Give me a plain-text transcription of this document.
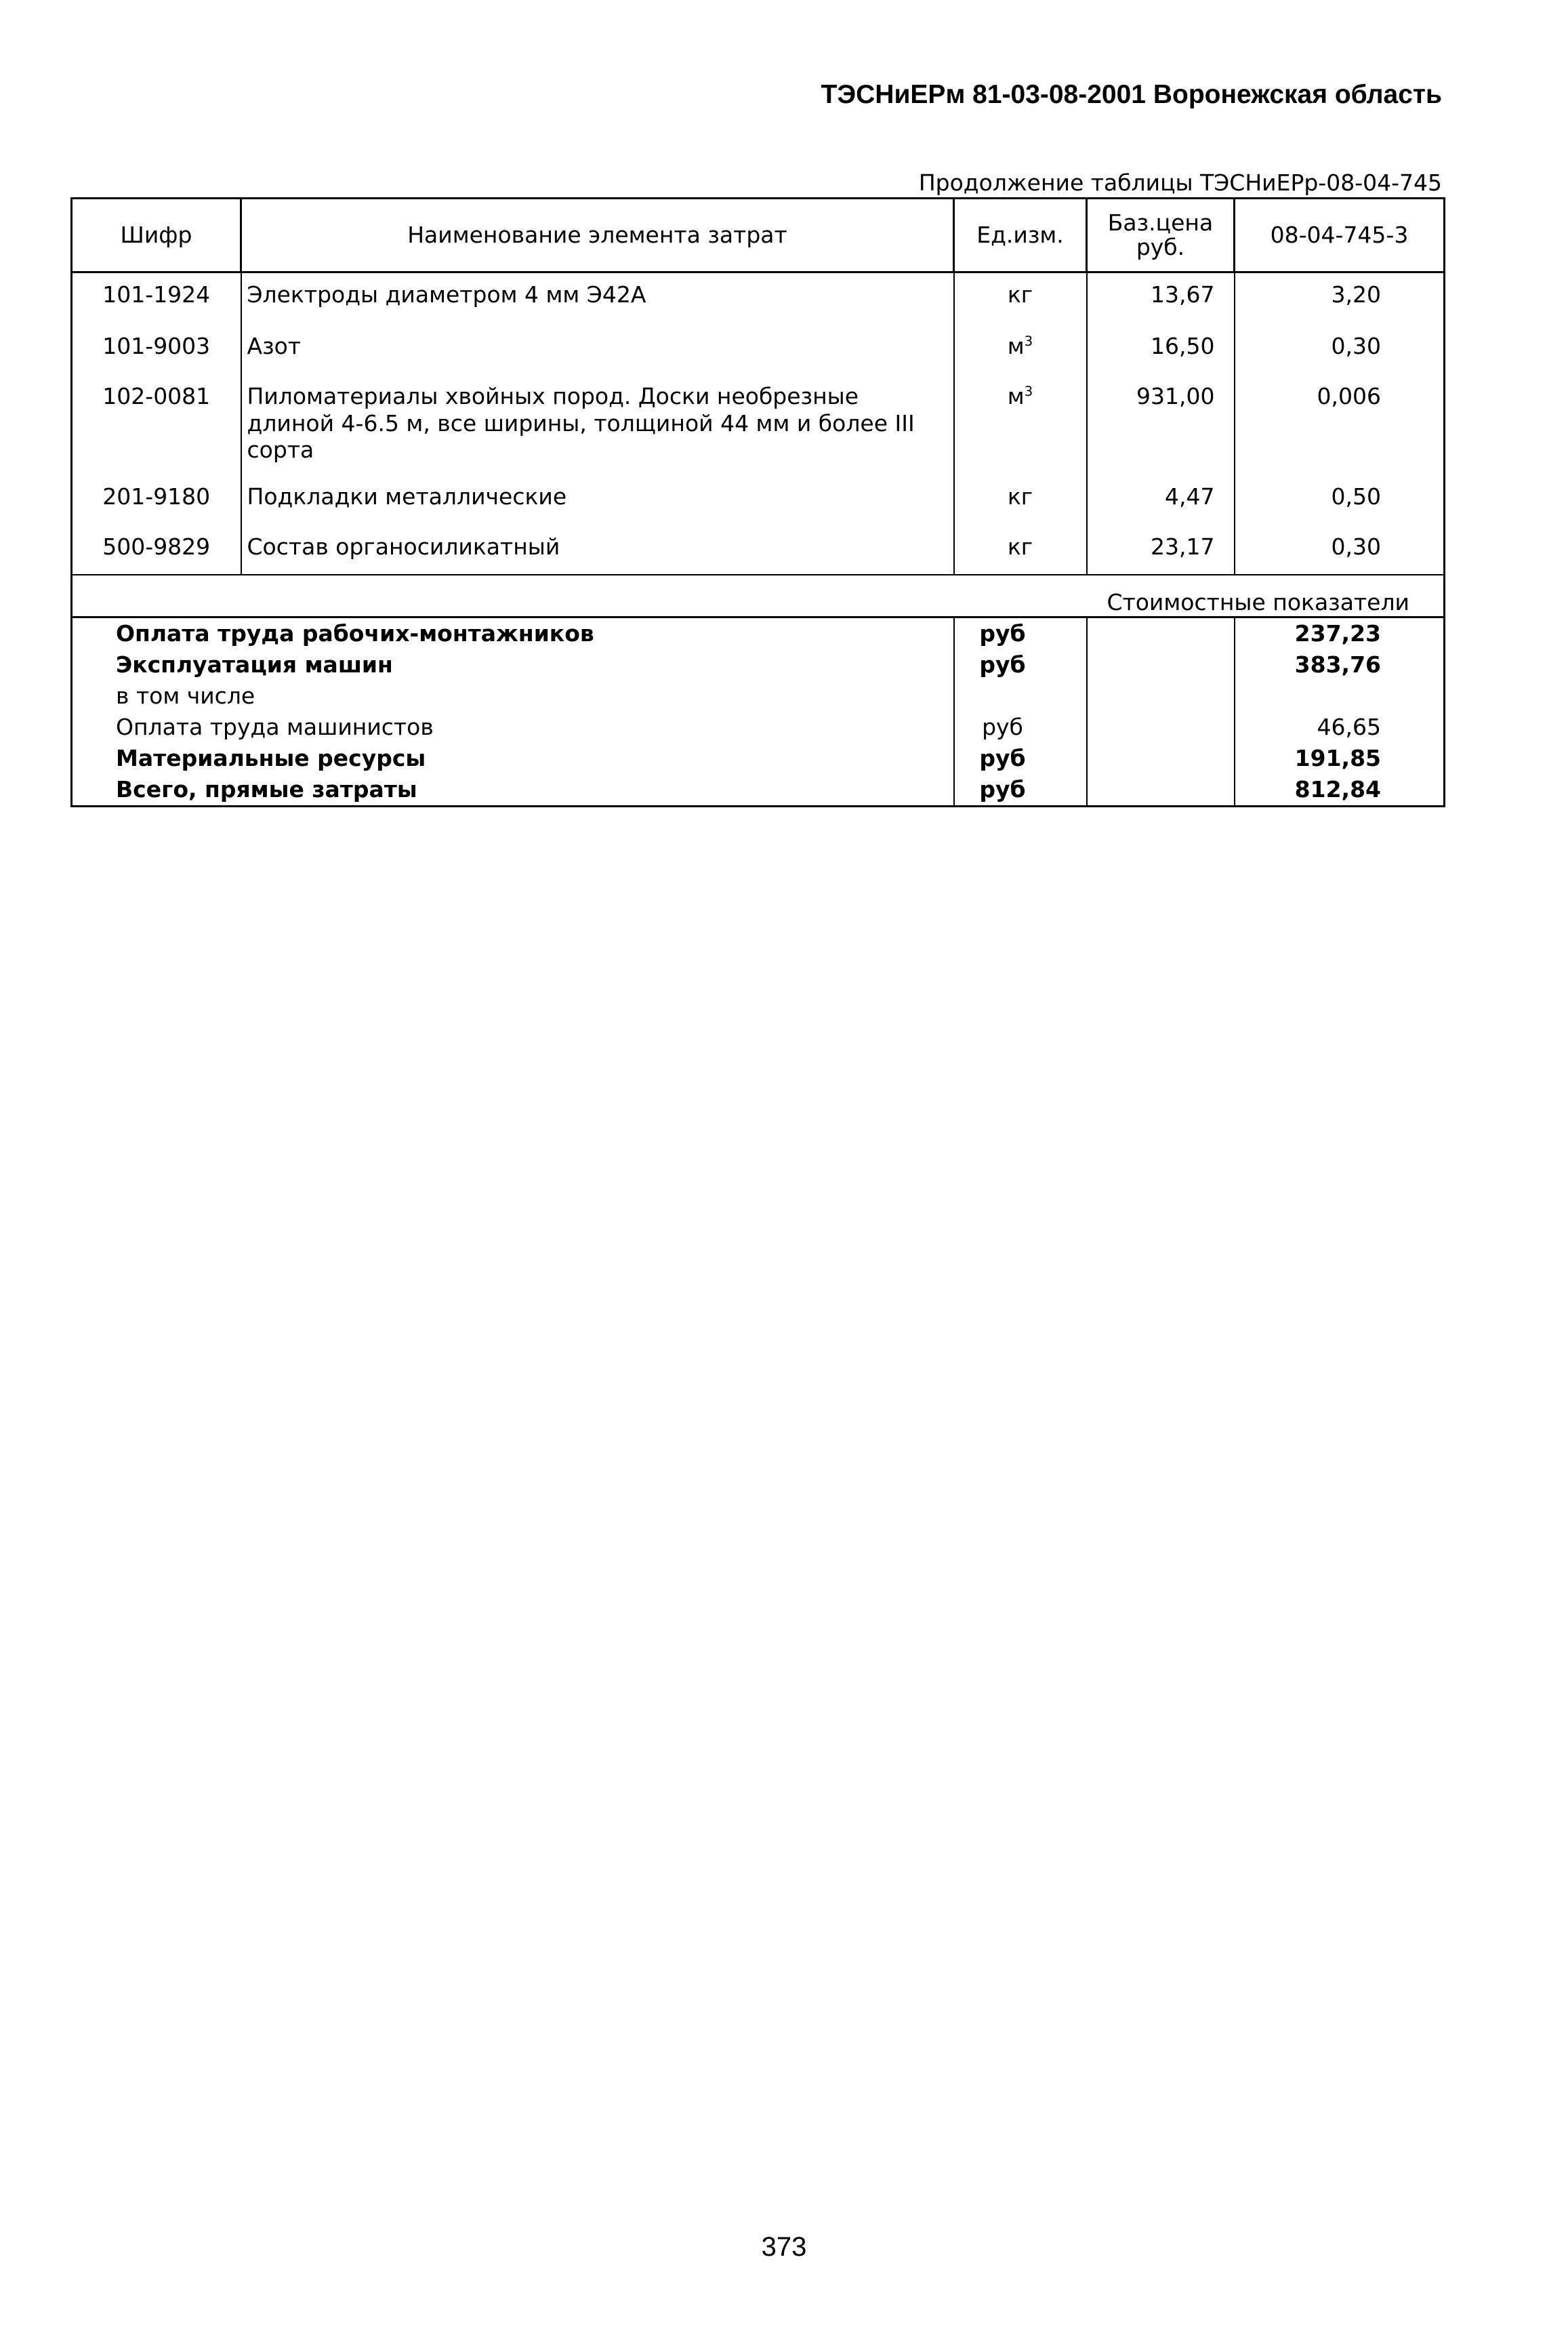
ТЭСНиЕРм 81-03-08-2001 Воронежская область
Продолжение таблицы ТЭСНиЕРр-08-04-745
Шифр	Наименование элемента затрат	Ед.изм.	Баз.цена руб.	08-04-745-3
101-1924	Электроды диаметром 4 мм Э42А	кг	13,67	3,20
101-9003	Азот	$м^3$	16,50	0,30
102-0081	Пиломатериалы хвойных пород. Доски необрезные длиной 4-6.5 м, все ширины, толщиной 44 мм и более III сорта	$м^3$	931,00	0,006
201-9180	Подкладки металлические	кг	4,47	0,50
500-9829	Состав органосиликатный	кг	23,17	0,30
Стоимостные показатели				
Оплата труда рабочих-монтажников		руб		237,23
Эксплуатация машин		руб		383,76
в том числе				
Оплата труда машинистов		руб		46,65
Материальные ресурсы		руб		191,85
Всего, прямые затраты		руб		812,84
373
